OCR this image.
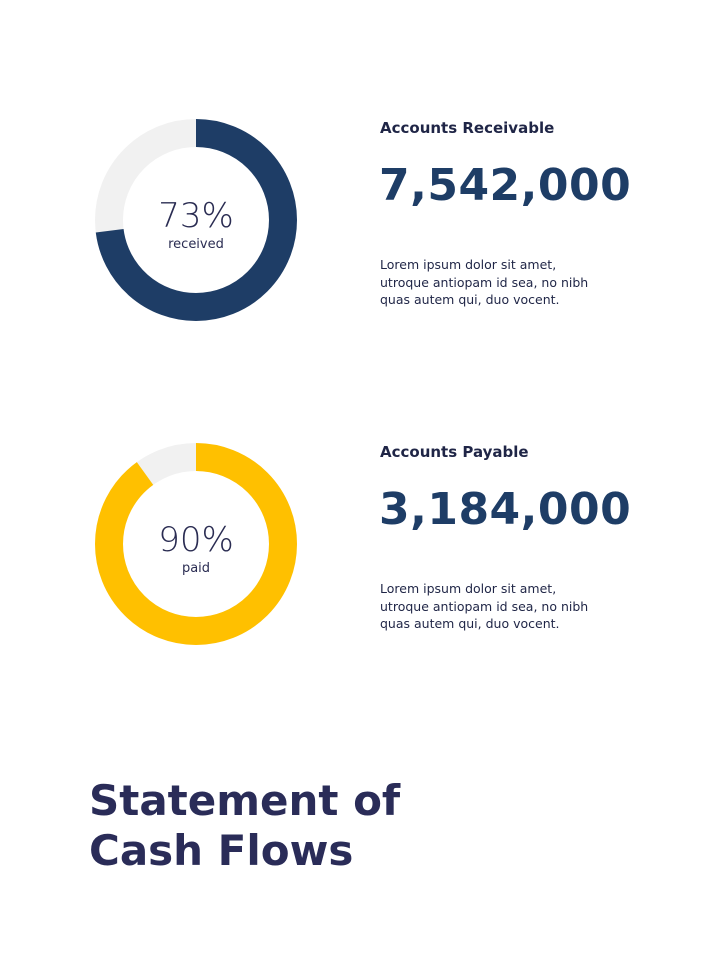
73%
received
Accounts Receivable
7,542,000
Lorem ipsum dolor sit amet,
utroque antiopam id sea, no nibh
quas autem qui, duo vocent.
90%
paid
Accounts Payable
3,184,000
Lorem ipsum dolor sit amet,
utroque antiopam id sea, no nibh
quas autem qui, duo vocent.
Statement of
Cash Flows
